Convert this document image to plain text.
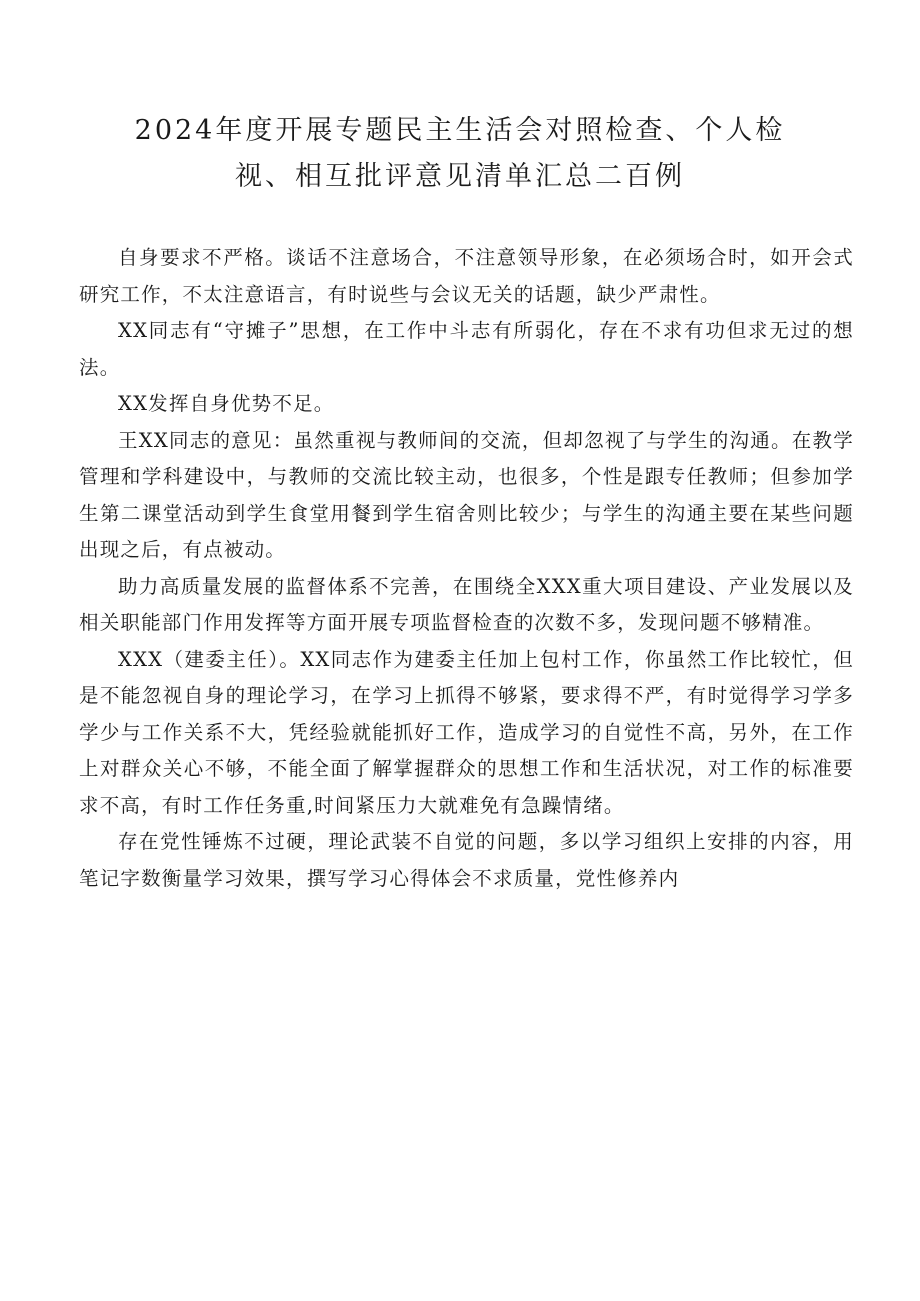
2024年度开展专题民主生活会对照检查、个人检
视、相互批评意见清单汇总二百例

自身要求不严格。谈话不注意场合，不注意领导形象，在必须场合时，如开会式研究工作，不太注意语言，有时说些与会议无关的话题，缺少严肃性。

XX同志有“守摊子”思想，在工作中斗志有所弱化，存在不求有功但求无过的想法。

XX发挥自身优势不足。

王XX同志的意见：虽然重视与教师间的交流，但却忽视了与学生的沟通。在教学管理和学科建设中，与教师的交流比较主动，也很多，个性是跟专任教师；但参加学生第二课堂活动到学生食堂用餐到学生宿舍则比较少；与学生的沟通主要在某些问题出现之后，有点被动。

助力高质量发展的监督体系不完善，在围绕全XXX重大项目建设、产业发展以及相关职能部门作用发挥等方面开展专项监督检查的次数不多，发现问题不够精准。

XXX（建委主任）。XX同志作为建委主任加上包村工作，你虽然工作比较忙，但是不能忽视自身的理论学习，在学习上抓得不够紧，要求得不严，有时觉得学习学多学少与工作关系不大，凭经验就能抓好工作，造成学习的自觉性不高，另外，在工作上对群众关心不够，不能全面了解掌握群众的思想工作和生活状况，对工作的标准要求不高，有时工作任务重,时间紧压力大就难免有急躁情绪。

存在党性锤炼不过硬，理论武装不自觉的问题，多以学习组织上安排的内容，用笔记字数衡量学习效果，撰写学习心得体会不求质量，党性修养内
